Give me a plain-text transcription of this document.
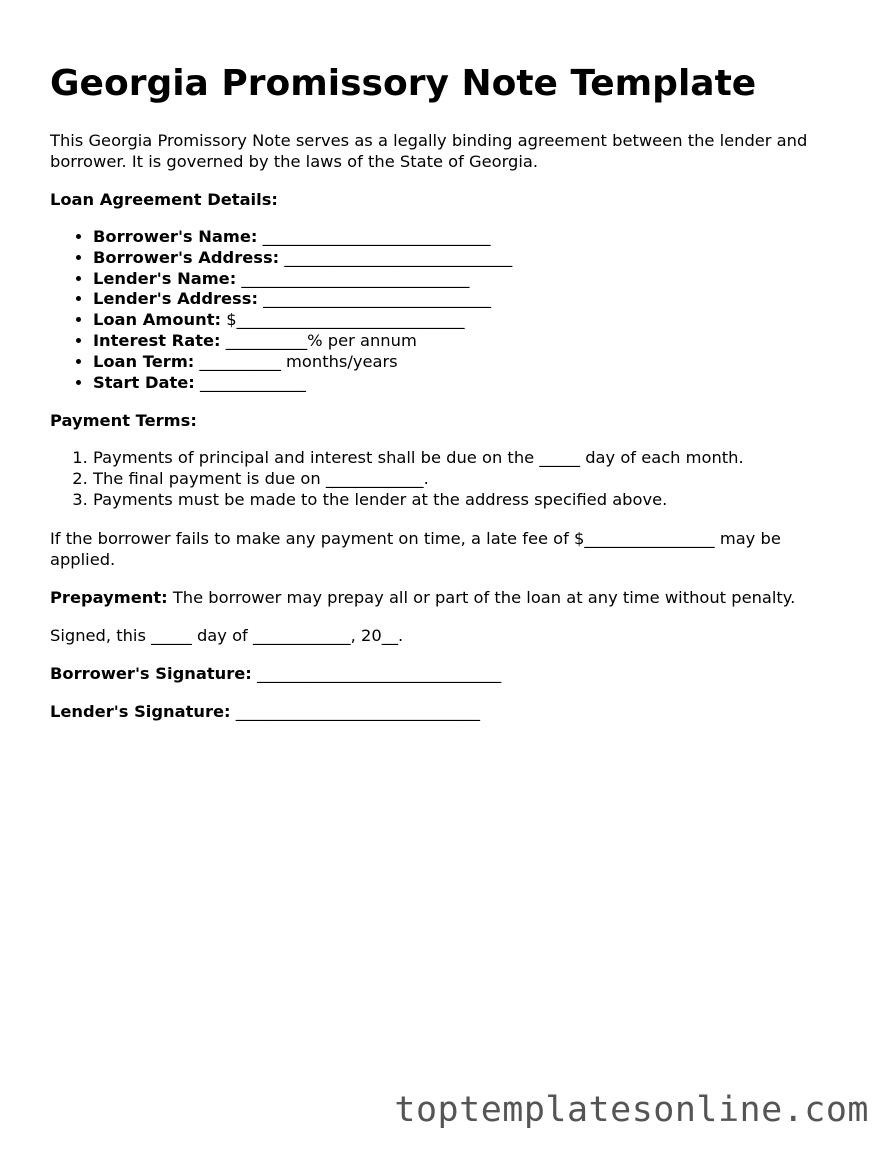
Georgia Promissory Note Template

This Georgia Promissory Note serves as a legally binding agreement between the lender and borrower. It is governed by the laws of the State of Georgia.

Loan Agreement Details:

• Borrower's Name: ____________________________
• Borrower's Address: ____________________________
• Lender's Name: ____________________________
• Lender's Address: ____________________________
• Loan Amount: $____________________________
• Interest Rate: __________% per annum
• Loan Term: __________ months/years
• Start Date: _____________

Payment Terms:

1. Payments of principal and interest shall be due on the _____ day of each month.
2. The final payment is due on ____________.
3. Payments must be made to the lender at the address specified above.

If the borrower fails to make any payment on time, a late fee of $________________ may be applied.

Prepayment: The borrower may prepay all or part of the loan at any time without penalty.

Signed, this _____ day of ____________, 20__.

Borrower's Signature: ______________________________

Lender's Signature: ______________________________

toptemplatesonline.com
